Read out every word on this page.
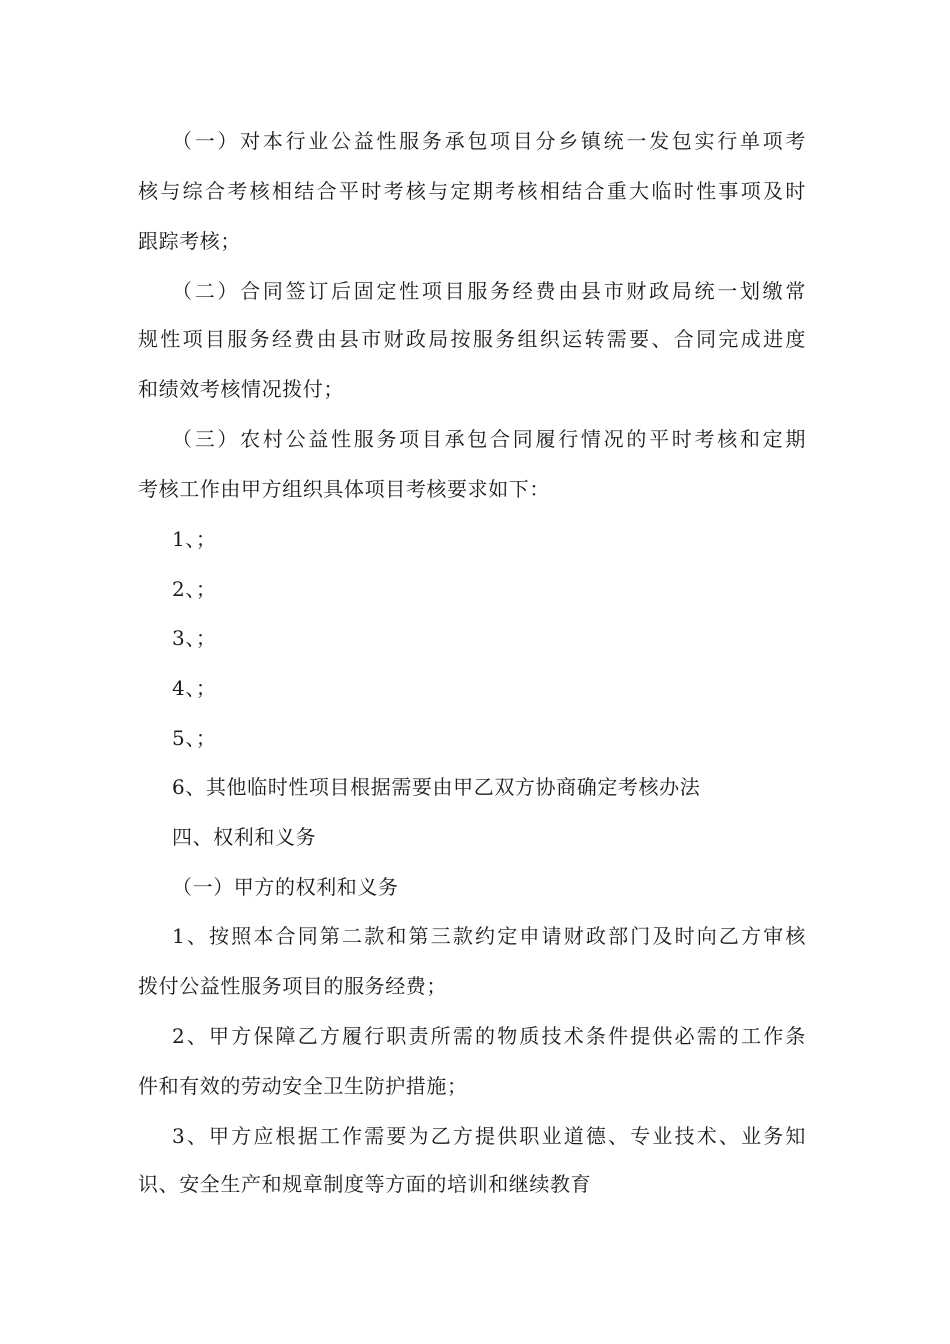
（一）对本行业公益性服务承包项目分乡镇统一发包实行单项考
核与综合考核相结合平时考核与定期考核相结合重大临时性事项及时
跟踪考核；
（二）合同签订后固定性项目服务经费由县市财政局统一划缴常
规性项目服务经费由县市财政局按服务组织运转需要、合同完成进度
和绩效考核情况拨付；
（三）农村公益性服务项目承包合同履行情况的平时考核和定期
考核工作由甲方组织具体项目考核要求如下：
1、；
2、；
3、；
4、；
5、；
6、其他临时性项目根据需要由甲乙双方协商确定考核办法
四、权利和义务
（一）甲方的权利和义务
1、按照本合同第二款和第三款约定申请财政部门及时向乙方审核
拨付公益性服务项目的服务经费；
2、甲方保障乙方履行职责所需的物质技术条件提供必需的工作条
件和有效的劳动安全卫生防护措施；
3、甲方应根据工作需要为乙方提供职业道德、专业技术、业务知
识、安全生产和规章制度等方面的培训和继续教育
